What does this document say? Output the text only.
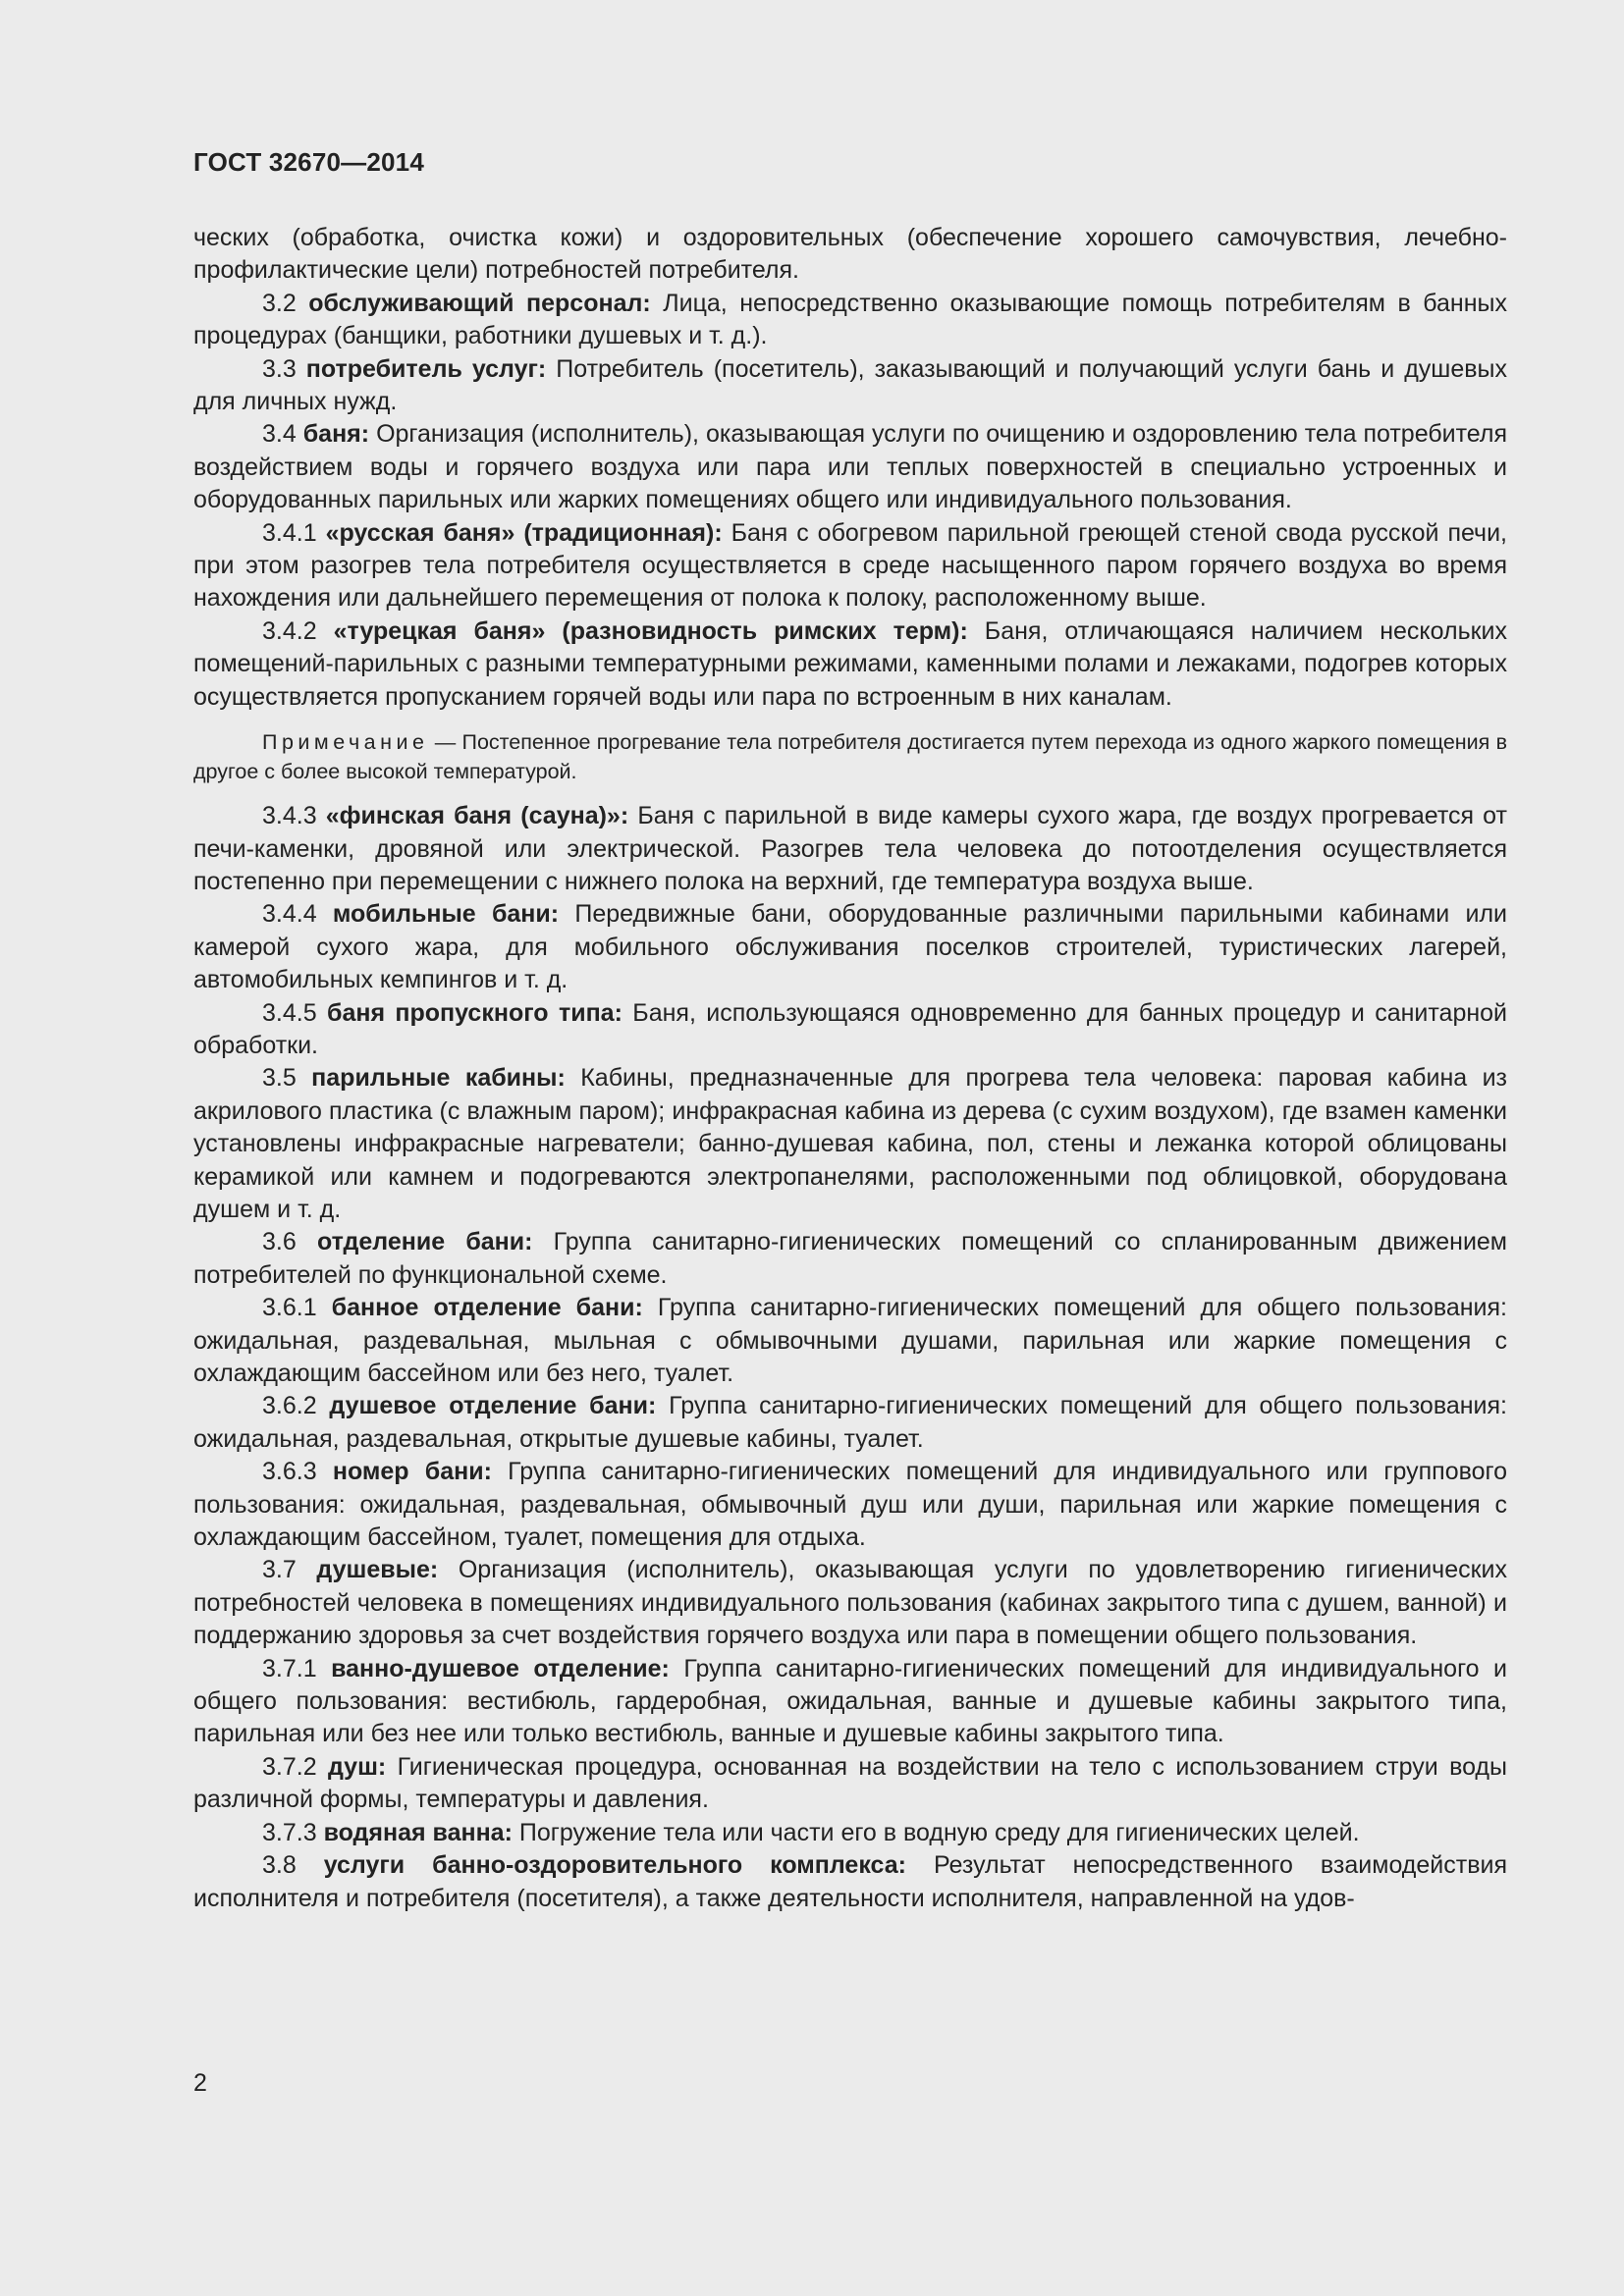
ГОСТ 32670—2014

ческих (обработка, очистка кожи) и оздоровительных (обеспечение хорошего самочувствия, лечебно-профилактические цели) потребностей потребителя.

3.2 обслуживающий персонал: Лица, непосредственно оказывающие помощь потребителям в банных процедурах (банщики, работники душевых и т. д.).

3.3 потребитель услуг: Потребитель (посетитель), заказывающий и получающий услуги бань и душевых для личных нужд.

3.4 баня: Организация (исполнитель), оказывающая услуги по очищению и оздоровлению тела потребителя воздействием воды и горячего воздуха или пара или теплых поверхностей в специально устроенных и оборудованных парильных или жарких помещениях общего или индивидуального пользования.

3.4.1 «русская баня» (традиционная): Баня с обогревом парильной греющей стеной свода русской печи, при этом разогрев тела потребителя осуществляется в среде насыщенного паром горячего воздуха во время нахождения или дальнейшего перемещения от полока к полоку, расположенному выше.

3.4.2 «турецкая баня» (разновидность римских терм): Баня, отличающаяся наличием нескольких помещений-парильных с разными температурными режимами, каменными полами и лежаками, подогрев которых осуществляется пропусканием горячей воды или пара по встроенным в них каналам.

Примечание — Постепенное прогревание тела потребителя достигается путем перехода из одного жаркого помещения в другое с более высокой температурой.

3.4.3 «финская баня (сауна)»: Баня с парильной в виде камеры сухого жара, где воздух прогревается от печи-каменки, дровяной или электрической. Разогрев тела человека до потоотделения осуществляется постепенно при перемещении с нижнего полока на верхний, где температура воздуха выше.

3.4.4 мобильные бани: Передвижные бани, оборудованные различными парильными кабинами или камерой сухого жара, для мобильного обслуживания поселков строителей, туристических лагерей, автомобильных кемпингов и т. д.

3.4.5 баня пропускного типа: Баня, использующаяся одновременно для банных процедур и санитарной обработки.

3.5 парильные кабины: Кабины, предназначенные для прогрева тела человека: паровая кабина из акрилового пластика (с влажным паром); инфракрасная кабина из дерева (с сухим воздухом), где взамен каменки установлены инфракрасные нагреватели; банно-душевая кабина, пол, стены и лежанка которой облицованы керамикой или камнем и подогреваются электропанелями, расположенными под облицовкой, оборудована душем и т. д.

3.6 отделение бани: Группа санитарно-гигиенических помещений со спланированным движением потребителей по функциональной схеме.

3.6.1 банное отделение бани: Группа санитарно-гигиенических помещений для общего пользования: ожидальная, раздевальная, мыльная с обмывочными душами, парильная или жаркие помещения с охлаждающим бассейном или без него, туалет.

3.6.2 душевое отделение бани: Группа санитарно-гигиенических помещений для общего пользования: ожидальная, раздевальная, открытые душевые кабины, туалет.

3.6.3 номер бани: Группа санитарно-гигиенических помещений для индивидуального или группового пользования: ожидальная, раздевальная, обмывочный душ или души, парильная или жаркие помещения с охлаждающим бассейном, туалет, помещения для отдыха.

3.7 душевые: Организация (исполнитель), оказывающая услуги по удовлетворению гигиенических потребностей человека в помещениях индивидуального пользования (кабинах закрытого типа с душем, ванной) и поддержанию здоровья за счет воздействия горячего воздуха или пара в помещении общего пользования.

3.7.1 ванно-душевое отделение: Группа санитарно-гигиенических помещений для индивидуального и общего пользования: вестибюль, гардеробная, ожидальная, ванные и душевые кабины закрытого типа, парильная или без нее или только вестибюль, ванные и душевые кабины закрытого типа.

3.7.2 душ: Гигиеническая процедура, основанная на воздействии на тело с использованием струи воды различной формы, температуры и давления.

3.7.3 водяная ванна: Погружение тела или части его в водную среду для гигиенических целей.

3.8 услуги банно-оздоровительного комплекса: Результат непосредственного взаимодействия исполнителя и потребителя (посетителя), а также деятельности исполнителя, направленной на удов-

2
